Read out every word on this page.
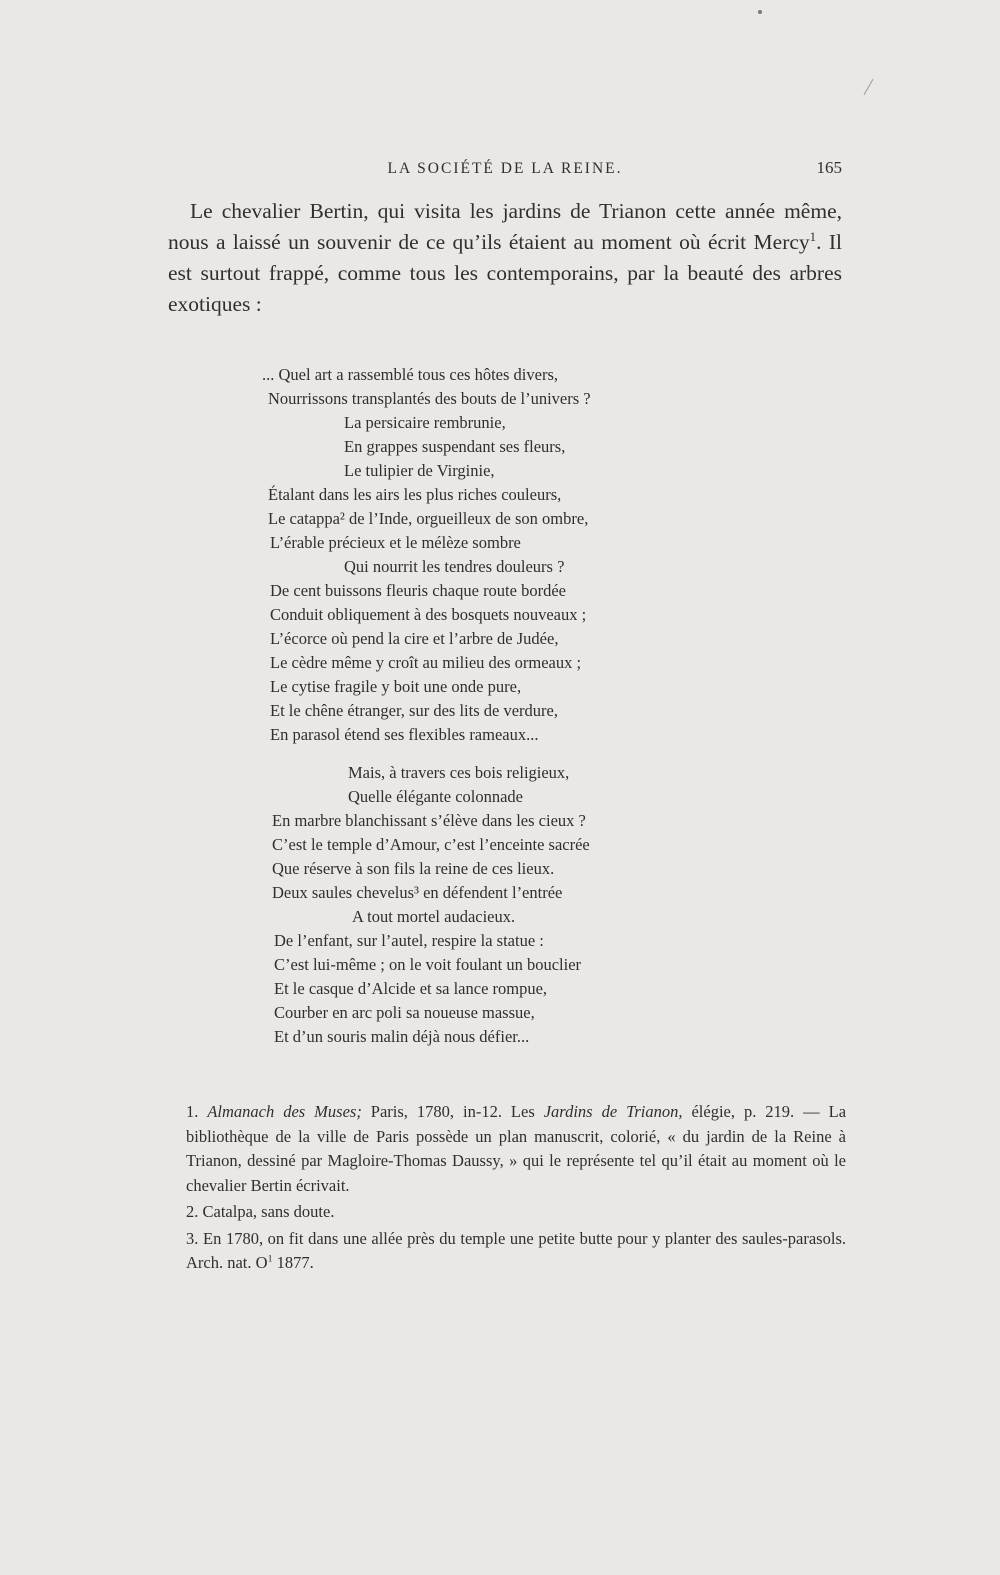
LA SOCIÉTÉ DE LA REINE.	165

Le chevalier Bertin, qui visita les jardins de Trianon cette année même, nous a laissé un souvenir de ce qu’ils étaient au moment où écrit Mercy$^1$. Il est surtout frappé, comme tous les contemporains, par la beauté des arbres exotiques :

... Quel art a rassemblé tous ces hôtes divers,
Nourrissons transplantés des bouts de l’univers ?
La persicaire rembrunie,
En grappes suspendant ses fleurs,
Le tulipier de Virginie,
Étalant dans les airs les plus riches couleurs,
Le catappa² de l’Inde, orgueilleux de son ombre,
L’érable précieux et le mélèze sombre
Qui nourrit les tendres douleurs ?
De cent buissons fleuris chaque route bordée
Conduit obliquement à des bosquets nouveaux ;
L’écorce où pend la cire et l’arbre de Judée,
Le cèdre même y croît au milieu des ormeaux ;
Le cytise fragile y boit une onde pure,
Et le chêne étranger, sur des lits de verdure,
En parasol étend ses flexibles rameaux...
Mais, à travers ces bois religieux,
Quelle élégante colonnade
En marbre blanchissant s’élève dans les cieux ?
C’est le temple d’Amour, c’est l’enceinte sacrée
Que réserve à son fils la reine de ces lieux.
Deux saules chevelus³ en défendent l’entrée
A tout mortel audacieux.
De l’enfant, sur l’autel, respire la statue :
C’est lui-même ; on le voit foulant un bouclier
Et le casque d’Alcide et sa lance rompue,
Courber en arc poli sa noueuse massue,
Et d’un souris malin déjà nous défier...

1. Almanach des Muses; Paris, 1780, in-12. Les Jardins de Trianon, élégie, p. 219. — La bibliothèque de la ville de Paris possède un plan manuscrit, colorié, « du jardin de la Reine à Trianon, dessiné par Magloire-Thomas Daussy, » qui le représente tel qu’il était au moment où le chevalier Bertin écrivait.

2. Catalpa, sans doute.

3. En 1780, on fit dans une allée près du temple une petite butte pour y planter des saules-parasols. Arch. nat. $O^1$ 1877.
